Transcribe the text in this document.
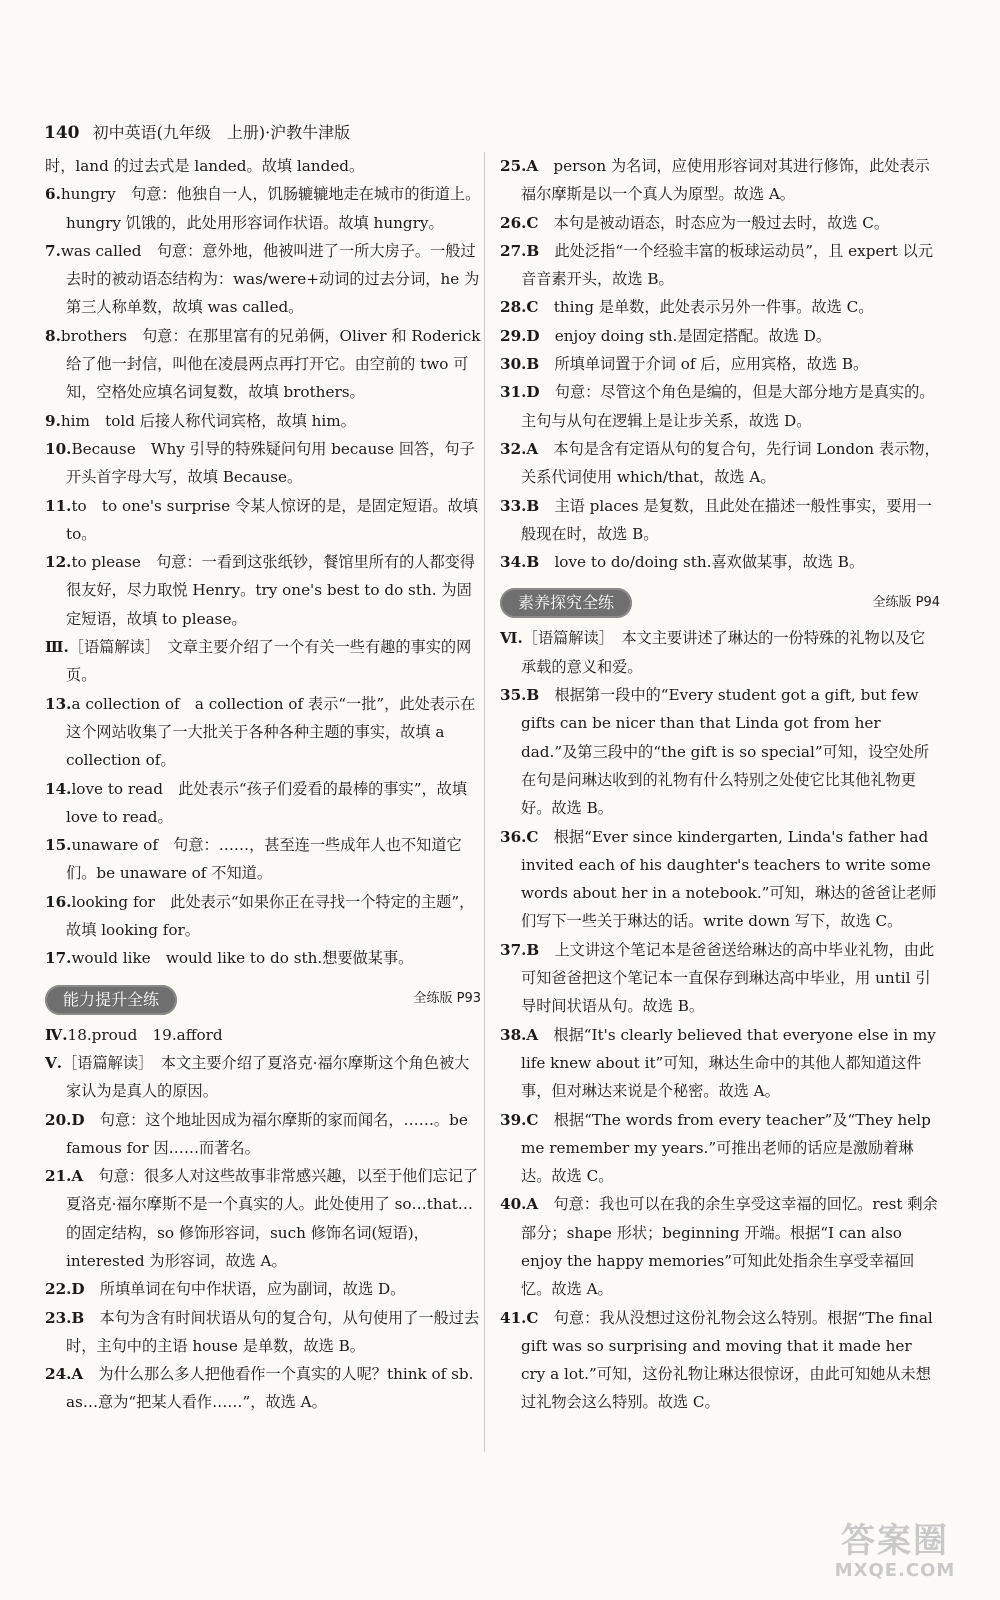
140 初中英语(九年级　上册)·沪教牛津版

时，land 的过去式是 landed。故填 landed。

6.hungry　句意：他独自一人，饥肠辘辘地走在城市的街道上。hungry 饥饿的，此处用形容词作状语。故填 hungry。

7.was called　句意：意外地，他被叫进了一所大房子。一般过去时的被动语态结构为：was/were+动词的过去分词，he 为第三人称单数，故填 was called。

8.brothers　句意：在那里富有的兄弟俩，Oliver 和 Roderick 给了他一封信，叫他在凌晨两点再打开它。由空前的 two 可知，空格处应填名词复数，故填 brothers。

9.him　told 后接人称代词宾格，故填 him。

10.Because　Why 引导的特殊疑问句用 because 回答，句子开头首字母大写，故填 Because。

11.to　to one's surprise 令某人惊讶的是，是固定短语。故填 to。

12.to please　句意：一看到这张纸钞，餐馆里所有的人都变得很友好，尽力取悦 Henry。try one's best to do sth. 为固定短语，故填 to please。

Ⅲ.［语篇解读］　文章主要介绍了一个有关一些有趣的事实的网页。

13.a collection of　a collection of 表示“一批”，此处表示在这个网站收集了一大批关于各种各种主题的事实，故填 a collection of。

14.love to read　此处表示“孩子们爱看的最棒的事实”，故填 love to read。

15.unaware of　句意：……，甚至连一些成年人也不知道它们。be unaware of 不知道。

16.looking for　此处表示“如果你正在寻找一个特定的主题”，故填 looking for。

17.would like　would like to do sth.想要做某事。

能力提升全练	全练版 P93

Ⅳ.18.proud　19.afford

Ⅴ.［语篇解读］　本文主要介绍了夏洛克·福尔摩斯这个角色被大家认为是真人的原因。

20.D　句意：这个地址因成为福尔摩斯的家而闻名，……。be famous for 因……而著名。

21.A　句意：很多人对这些故事非常感兴趣，以至于他们忘记了夏洛克·福尔摩斯不是一个真实的人。此处使用了 so…that…的固定结构，so 修饰形容词，such 修饰名词(短语)，interested 为形容词，故选 A。

22.D　所填单词在句中作状语，应为副词，故选 D。

23.B　本句为含有时间状语从句的复合句，从句使用了一般过去时，主句中的主语 house 是单数，故选 B。

24.A　为什么那么多人把他看作一个真实的人呢？think of sb. as…意为“把某人看作……”，故选 A。

25.A　person 为名词，应使用形容词对其进行修饰，此处表示福尔摩斯是以一个真人为原型。故选 A。

26.C　本句是被动语态，时态应为一般过去时，故选 C。

27.B　此处泛指“一个经验丰富的板球运动员”，且 expert 以元音音素开头，故选 B。

28.C　thing 是单数，此处表示另外一件事。故选 C。

29.D　enjoy doing sth.是固定搭配。故选 D。

30.B　所填单词置于介词 of 后，应用宾格，故选 B。

31.D　句意：尽管这个角色是编的，但是大部分地方是真实的。主句与从句在逻辑上是让步关系，故选 D。

32.A　本句是含有定语从句的复合句，先行词 London 表示物，关系代词使用 which/that，故选 A。

33.B　主语 places 是复数，且此处在描述一般性事实，要用一般现在时，故选 B。

34.B　love to do/doing sth.喜欢做某事，故选 B。

素养探究全练	全练版 P94

Ⅵ.［语篇解读］　本文主要讲述了琳达的一份特殊的礼物以及它承载的意义和爱。

35.B　根据第一段中的“Every student got a gift, but few gifts can be nicer than that Linda got from her dad.”及第三段中的“the gift is so special”可知，设空处所在句是问琳达收到的礼物有什么特别之处使它比其他礼物更好。故选 B。

36.C　根据“Ever since kindergarten, Linda's father had invited each of his daughter's teachers to write some words about her in a notebook.”可知，琳达的爸爸让老师们写下一些关于琳达的话。write down 写下，故选 C。

37.B　上文讲这个笔记本是爸爸送给琳达的高中毕业礼物，由此可知爸爸把这个笔记本一直保存到琳达高中毕业，用 until 引导时间状语从句。故选 B。

38.A　根据“It's clearly believed that everyone else in my life knew about it”可知，琳达生命中的其他人都知道这件事，但对琳达来说是个秘密。故选 A。

39.C　根据“The words from every teacher”及“They help me remember my years.”可推出老师的话应是激励着琳达。故选 C。

40.A　句意：我也可以在我的余生享受这幸福的回忆。rest 剩余部分；shape 形状；beginning 开端。根据“I can also enjoy the happy memories”可知此处指余生享受幸福回忆。故选 A。

41.C　句意：我从没想过这份礼物会这么特别。根据“The final gift was so surprising and moving that it made her cry a lot.”可知，这份礼物让琳达很惊讶，由此可知她从未想过礼物会这么特别。故选 C。

答案圈
MXQE.COM
